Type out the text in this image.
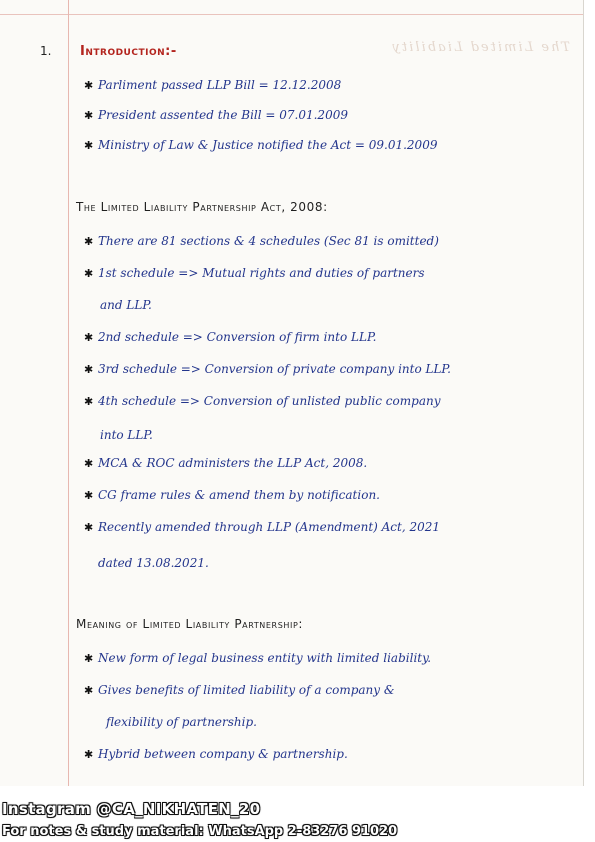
The Limited Liability
1. Introduction:-
✱ Parliment passed LLP Bill = 12.12.2008
✱ President assented the Bill = 07.01.2009
✱ Ministry of Law & Justice notified the Act = 09.01.2009
The Limited Liability Partnership Act, 2008:
✱ There are 81 sections & 4 schedules (Sec 81 is omitted)
✱ 1st schedule => Mutual rights and duties of partners
and LLP.
✱ 2nd schedule => Conversion of firm into LLP.
✱ 3rd schedule => Conversion of private company into LLP.
✱ 4th schedule => Conversion of unlisted public company
into LLP.
✱ MCA & ROC administers the LLP Act, 2008.
✱ CG frame rules & amend them by notification.
✱ Recently amended through LLP (Amendment) Act, 2021
dated 13.08.2021.
Meaning of Limited Liability Partnership:
✱ New form of legal business entity with limited liability.
✱ Gives benefits of limited liability of a company &
flexibility of partnership.
✱ Hybrid between company & partnership.
Instagram @CA_NIKHATEN_20
For notes & study material: WhatsApp 2-83276 91020
